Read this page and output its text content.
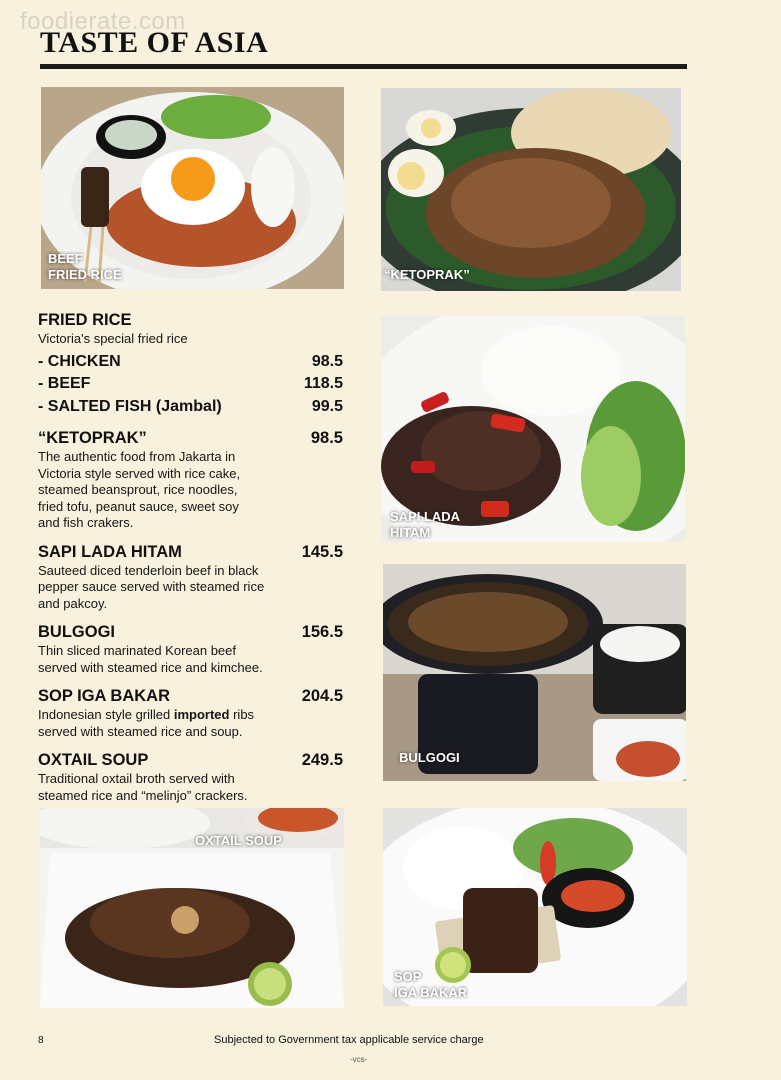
foodierate.com
TASTE OF ASIA
BEEF
FRIED RICE	“KETOPRAK”
SAPI LADA
HITAM
BULGOGI
OXTAIL SOUP
SOP
IGA BAKAR
FRIED RICE
Victoria's special fried rice
- CHICKEN	98.5
- BEEF	118.5
- SALTED FISH (Jambal)	99.5
“KETOPRAK”	98.5
The authentic food from Jakarta in
Victoria style served with rice cake,
steamed beansprout, rice noodles,
fried tofu, peanut sauce, sweet soy
and fish crakers.
SAPI LADA HITAM	145.5
Sauteed diced tenderloin beef in black
pepper sauce served with steamed rice
and pakcoy.
BULGOGI	156.5
Thin sliced marinated Korean beef
served with steamed rice and kimchee.
SOP IGA BAKAR	204.5
Indonesian style grilled imported ribs
served with steamed rice and soup.
OXTAIL SOUP	249.5
Traditional oxtail broth served with
steamed rice and “melinjo” crackers.
8	Subjected to Government tax applicable service charge
-vcs-
